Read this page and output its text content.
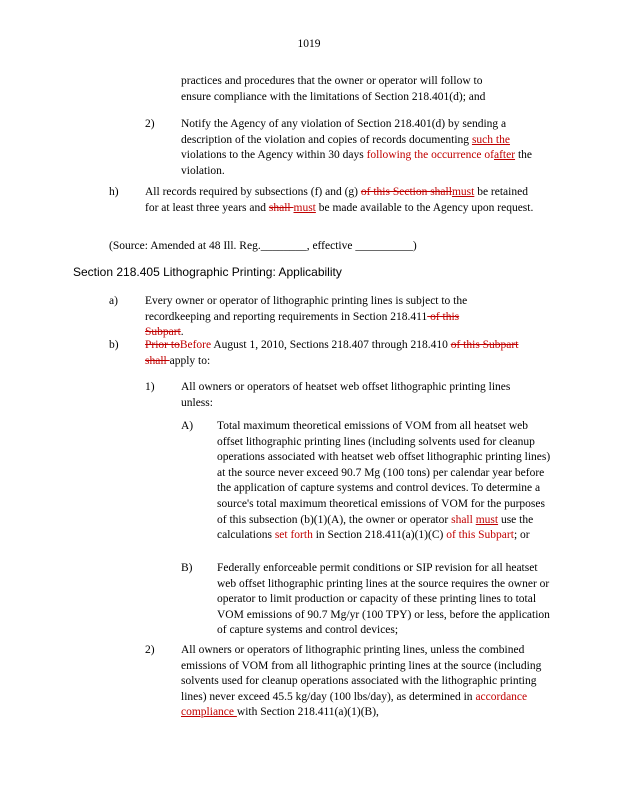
1019
practices and procedures that the owner or operator will follow to ensure compliance with the limitations of Section 218.401(d); and
2) Notify the Agency of any violation of Section 218.401(d) by sending a description of the violation and copies of records documenting such the violations to the Agency within 30 days following the occurrence ofafter the violation.
h) All records required by subsections (f) and (g) of this Section shallmust be retained for at least three years and shall must be made available to the Agency upon request.
(Source: Amended at 48 Ill. Reg.________, effective __________)
Section 218.405 Lithographic Printing: Applicability
a) Every owner or operator of lithographic printing lines is subject to the recordkeeping and reporting requirements in Section 218.411 of this Subpart.
b) Prior toBefore August 1, 2010, Sections 218.407 through 218.410 of this Subpart
shall apply to:
1) All owners or operators of heatset web offset lithographic printing lines unless:
A) Total maximum theoretical emissions of VOM from all heatset web offset lithographic printing lines (including solvents used for cleanup operations associated with heatset web offset lithographic printing lines) at the source never exceed 90.7 Mg (100 tons) per calendar year before the application of capture systems and control devices. To determine a source's total maximum theoretical emissions of VOM for the purposes of this subsection (b)(1)(A), the owner or operator shall must use the calculations set forth in Section 218.411(a)(1)(C) of this Subpart; or
B) Federally enforceable permit conditions or SIP revision for all heatset web offset lithographic printing lines at the source requires the owner or operator to limit production or capacity of these printing lines to total VOM emissions of 90.7 Mg/yr (100 TPY) or less, before the application of capture systems and control devices;
2) All owners or operators of lithographic printing lines, unless the combined emissions of VOM from all lithographic printing lines at the source (including solvents used for cleanup operations associated with the lithographic printing lines) never exceed 45.5 kg/day (100 lbs/day), as determined in accordance compliance with Section 218.411(a)(1)(B),
